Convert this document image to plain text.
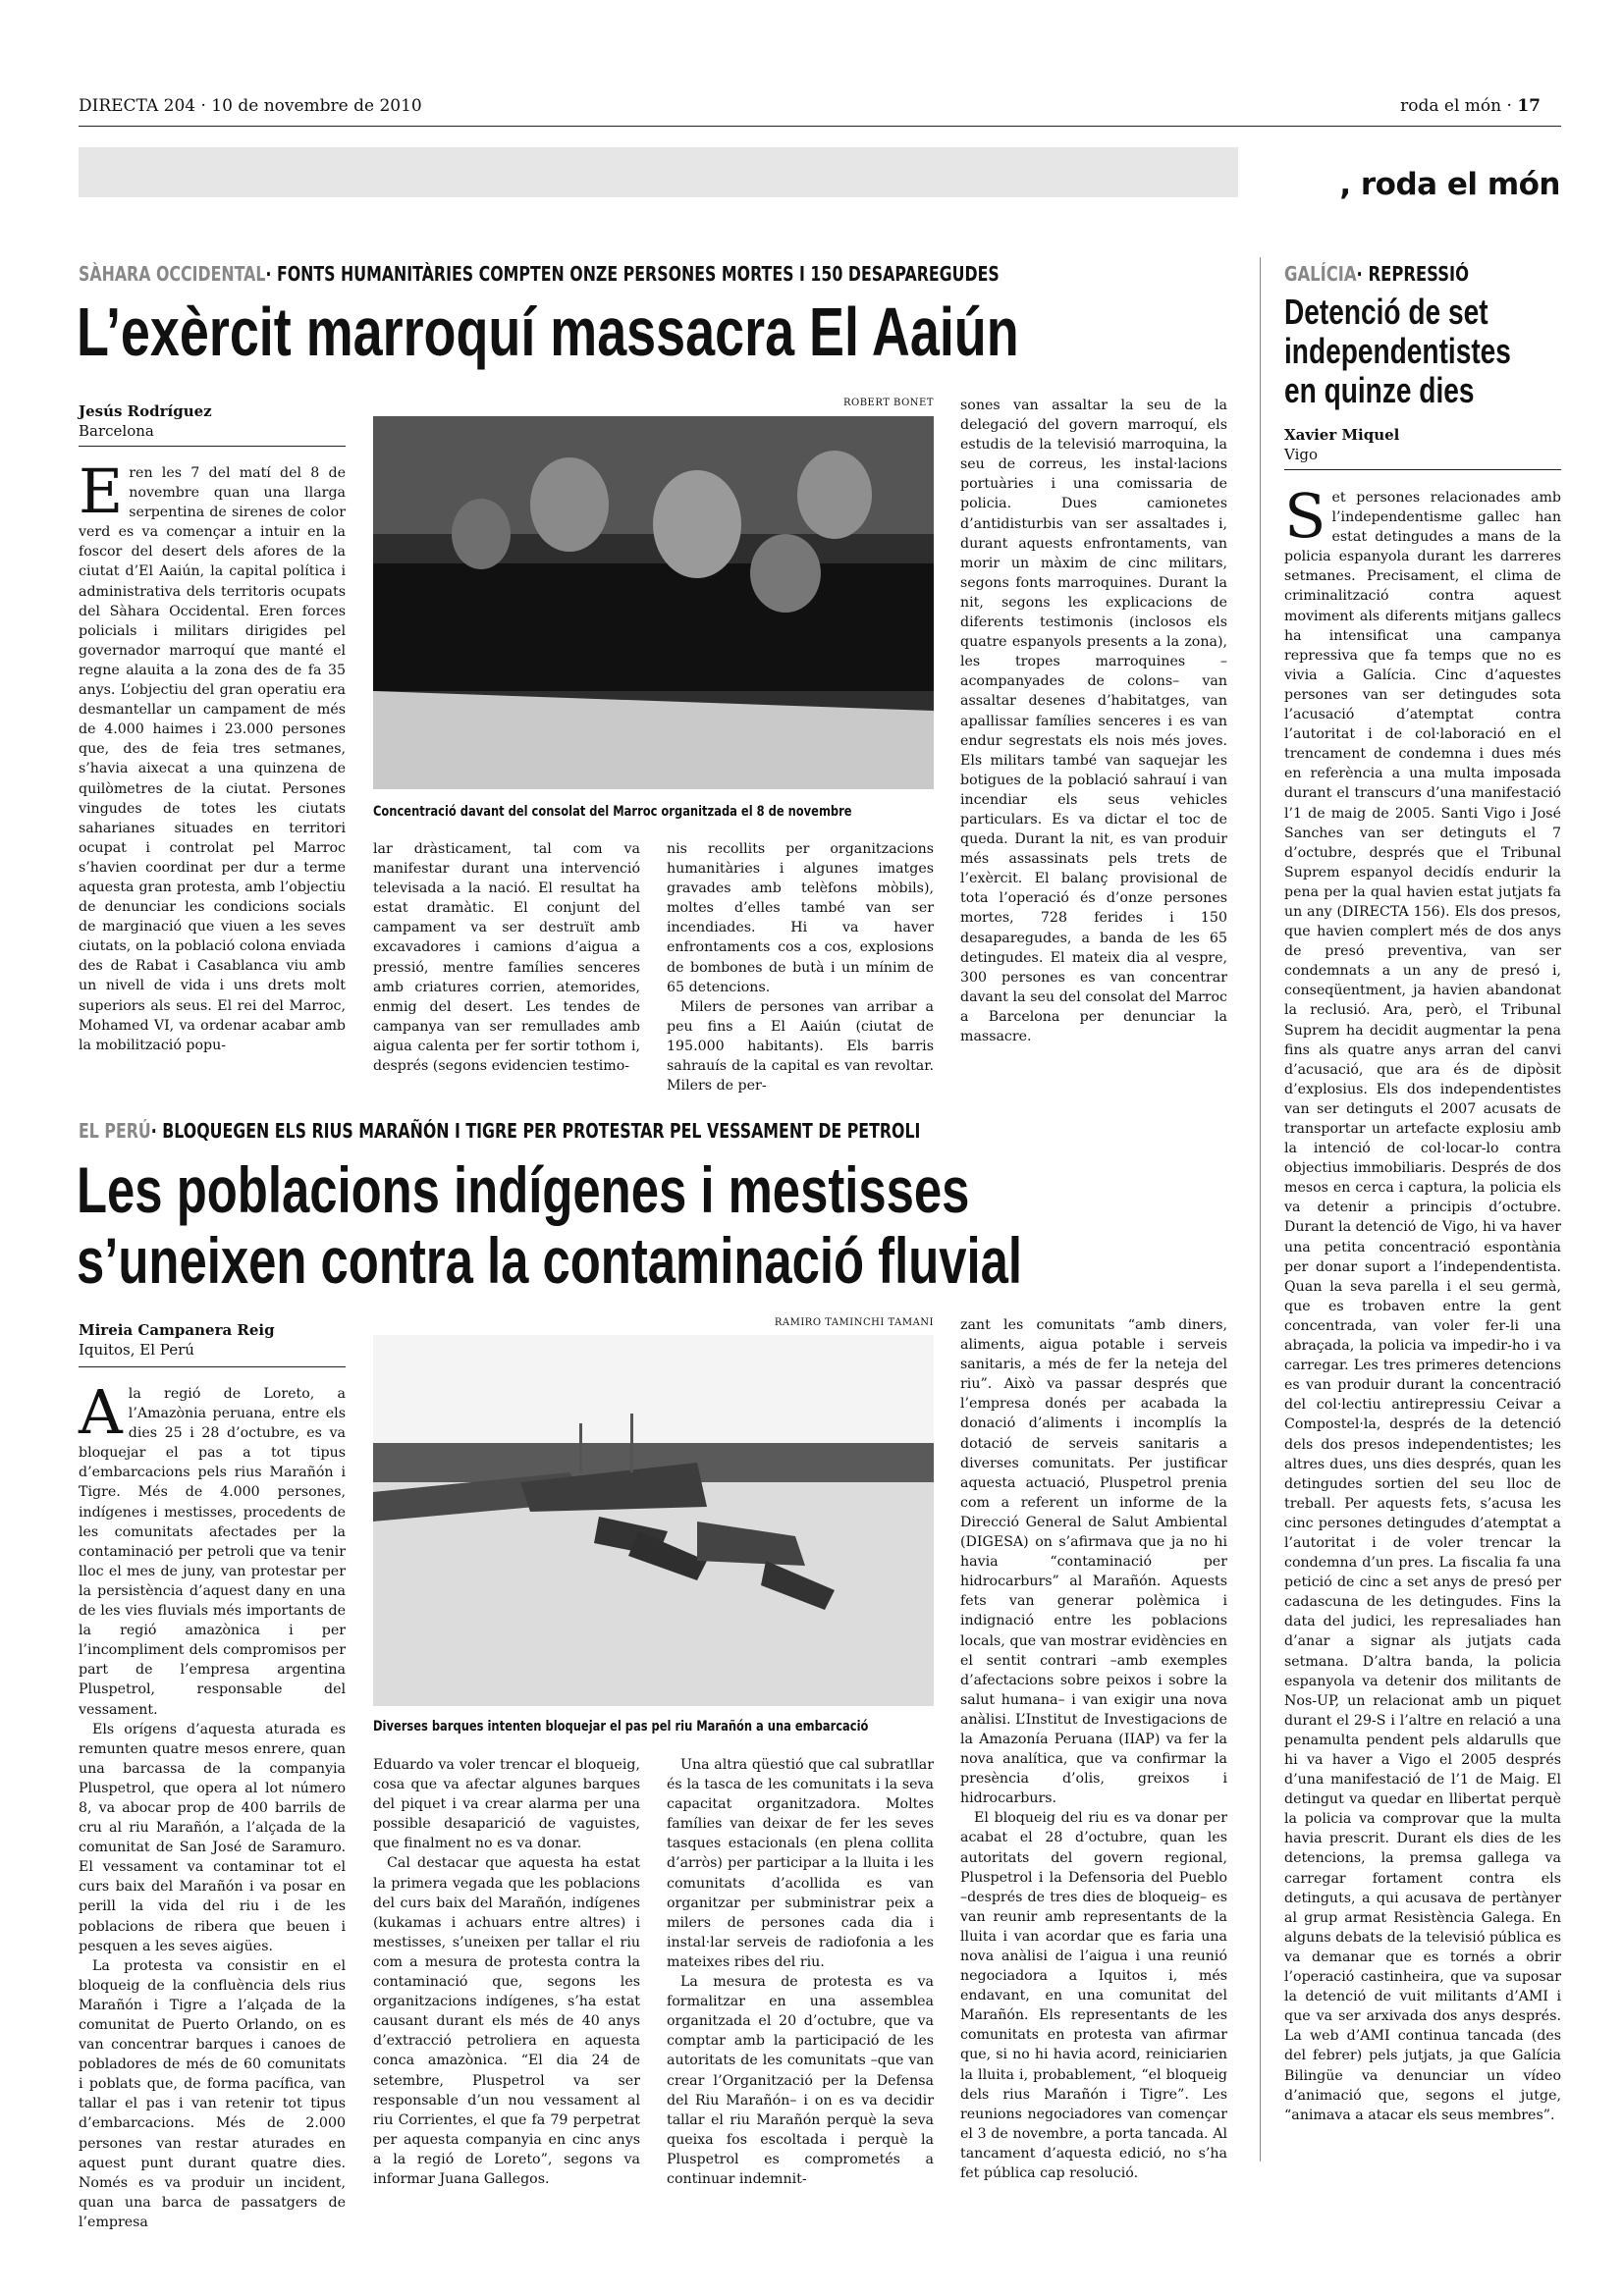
DIRECTA 204 · 10 de novembre de 2010	roda el món · 17
, roda el món
SÀHARA OCCIDENTAL· FONTS HUMANITÀRIES COMPTEN ONZE PERSONES MORTES I 150 DESAPAREGUDES
L’exèrcit marroquí massacra El Aaiún
Jesús Rodríguez
Barcelona
E ren les 7 del matí del 8 de novembre quan una llarga serpentina de sirenes de color verd es va començar a intuir en la foscor del desert dels afores de la ciutat d’El Aaiún, la capital política i administrativa dels territoris ocupats del Sàhara Occidental. Eren forces policials i militars dirigides pel governador marroquí que manté el regne alauita a la zona des de fa 35 anys. L’objectiu del gran operatiu era desmantellar un campament de més de 4.000 haimes i 23.000 persones que, des de feia tres setmanes, s’havia aixecat a una quinzena de quilòmetres de la ciutat. Persones vingudes de totes les ciutats saharianes situades en territori ocupat i controlat pel Marroc s’havien coordinat per dur a terme aquesta gran protesta, amb l’objectiu de denunciar les condicions socials de marginació que viuen a les seves ciutats, on la població colona enviada des de Rabat i Casablanca viu amb un nivell de vida i uns drets molt superiors als seus. El rei del Marroc, Mohamed VI, va ordenar acabar amb la mobilització popu-
ROBERT BONET
Concentració davant del consolat del Marroc organitzada el 8 de novembre

lar dràsticament, tal com va manifestar durant una intervenció televisada a la nació. El resultat ha estat dramàtic. El conjunt del campament va ser destruït amb excavadores i camions d’aigua a pressió, mentre famílies senceres amb criatures corrien, atemorides, enmig del desert. Les tendes de campanya van ser remullades amb aigua calenta per fer sortir tothom i, després (segons evidencien testimo-

nis recollits per organitzacions humanitàries i algunes imatges gravades amb telèfons mòbils), moltes d’elles també van ser incendiades. Hi va haver enfrontaments cos a cos, explosions de bombones de butà i un mínim de 65 detencions.

Milers de persones van arribar a peu fins a El Aaiún (ciutat de 195.000 habitants). Els barris sahrauís de la capital es van revoltar. Milers de per-

sones van assaltar la seu de la delegació del govern marroquí, els estudis de la televisió marroquina, la seu de correus, les instal·lacions portuàries i una comissaria de policia. Dues camionetes d’antidisturbis van ser assaltades i, durant aquests enfrontaments, van morir un màxim de cinc militars, segons fonts marroquines. Durant la nit, segons les explicacions de diferents testimonis (inclosos els quatre espanyols presents a la zona), les tropes marroquines –acompanyades de colons– van assaltar desenes d’habitatges, van apallissar famílies senceres i es van endur segrestats els nois més joves. Els militars també van saquejar les botigues de la població sahrauí i van incendiar els seus vehicles particulars. Es va dictar el toc de queda. Durant la nit, es van produir més assassinats pels trets de l’exèrcit. El balanç provisional de tota l’operació és d’onze persones mortes, 728 ferides i 150 desaparegudes, a banda de les 65 detingudes. El mateix dia al vespre, 300 persones es van concentrar davant la seu del consolat del Marroc a Barcelona per denunciar la massacre.

EL PERÚ· BLOQUEGEN ELS RIUS MARAÑÓN I TIGRE PER PROTESTAR PEL VESSAMENT DE PETROLI
Les poblacions indígenes i mestisses
s’uneixen contra la contaminació fluvial
Mireia Campanera Reig
Iquitos, El Perú
A la regió de Loreto, a l’Amazònia peruana, entre els dies 25 i 28 d’octubre, es va bloquejar el pas a tot tipus d’embarcacions pels rius Marañón i Tigre. Més de 4.000 persones, indígenes i mestisses, procedents de les comunitats afectades per la contaminació per petroli que va tenir lloc el mes de juny, van protestar per la persistència d’aquest dany en una de les vies fluvials més importants de la regió amazònica i per l’incompliment dels compromisos per part de l’empresa argentina Pluspetrol, responsable del vessament.

Els orígens d’aquesta aturada es remunten quatre mesos enrere, quan una barcassa de la companyia Pluspetrol, que opera al lot número 8, va abocar prop de 400 barrils de cru al riu Marañón, a l’alçada de la comunitat de San José de Saramuro. El vessament va contaminar tot el curs baix del Marañón i va posar en perill la vida del riu i de les poblacions de ribera que beuen i pesquen a les seves aigües.

La protesta va consistir en el bloqueig de la confluència dels rius Marañón i Tigre a l’alçada de la comunitat de Puerto Orlando, on es van concentrar barques i canoes de pobladores de més de 60 comunitats i poblats que, de forma pacífica, van tallar el pas i van retenir tot tipus d’embarcacions. Més de 2.000 persones van restar aturades en aquest punt durant quatre dies. Només es va produir un incident, quan una barca de passatgers de l’empresa

RAMIRO TAMINCHI TAMANI
Diverses barques intenten bloquejar el pas pel riu Marañón a una embarcació

Eduardo va voler trencar el bloqueig, cosa que va afectar algunes barques del piquet i va crear alarma per una possible desaparició de vaguistes, que finalment no es va donar.

Cal destacar que aquesta ha estat la primera vegada que les poblacions del curs baix del Marañón, indígenes (kukamas i achuars entre altres) i mestisses, s’uneixen per tallar el riu com a mesura de protesta contra la contaminació que, segons les organitzacions indígenes, s’ha estat causant durant els més de 40 anys d’extracció petroliera en aquesta conca amazònica. “El dia 24 de setembre, Pluspetrol va ser responsable d’un nou vessament al riu Corrientes, el que fa 79 perpetrat per aquesta companyia en cinc anys a la regió de Loreto”, segons va informar Juana Gallegos.

Una altra qüestió que cal subratllar és la tasca de les comunitats i la seva capacitat organitzadora. Moltes famílies van deixar de fer les seves tasques estacionals (en plena collita d’arròs) per participar a la lluita i les comunitats d’acollida es van organitzar per subministrar peix a milers de persones cada dia i instal·lar serveis de radiofonia a les mateixes ribes del riu.

La mesura de protesta es va formalitzar en una assemblea organitzada el 20 d’octubre, que va comptar amb la participació de les autoritats de les comunitats –que van crear l’Organització per la Defensa del Riu Marañón– i on es va decidir tallar el riu Marañón perquè la seva queixa fos escoltada i perquè la Pluspetrol es comprometés a continuar indemnit-

zant les comunitats “amb diners, aliments, aigua potable i serveis sanitaris, a més de fer la neteja del riu”. Això va passar després que l’empresa donés per acabada la donació d’aliments i incomplís la dotació de serveis sanitaris a diverses comunitats. Per justificar aquesta actuació, Pluspetrol prenia com a referent un informe de la Direcció General de Salut Ambiental (DIGESA) on s’afirmava que ja no hi havia “contaminació per hidrocarburs” al Marañón. Aquests fets van generar polèmica i indignació entre les poblacions locals, que van mostrar evidències en el sentit contrari –amb exemples d’afectacions sobre peixos i sobre la salut humana– i van exigir una nova anàlisi. L’Institut de Investigacions de la Amazonía Peruana (IIAP) va fer la nova analítica, que va confirmar la presència d’olis, greixos i hidrocarburs.

El bloqueig del riu es va donar per acabat el 28 d’octubre, quan les autoritats del govern regional, Pluspetrol i la Defensoria del Pueblo –després de tres dies de bloqueig– es van reunir amb representants de la lluita i van acordar que es faria una nova anàlisi de l’aigua i una reunió negociadora a Iquitos i, més endavant, en una comunitat del Marañón. Els representants de les comunitats en protesta van afirmar que, si no hi havia acord, reiniciarien la lluita i, probablement, “el bloqueig dels rius Marañón i Tigre”. Les reunions negociadores van començar el 3 de novembre, a porta tancada. Al tancament d’aquesta edició, no s’ha fet pública cap resolució.

GALÍCIA· REPRESSIÓ
Detenció de set
independentistes
en quinze dies
Xavier Miquel
Vigo
S et persones relacionades amb l’independentisme gallec han estat detingudes a mans de la policia espanyola durant les darreres setmanes. Precisament, el clima de criminalització contra aquest moviment als diferents mitjans gallecs ha intensificat una campanya repressiva que fa temps que no es vivia a Galícia. Cinc d’aquestes persones van ser detingudes sota l’acusació d’atemptat contra l’autoritat i de col·laboració en el trencament de condemna i dues més en referència a una multa imposada durant el transcurs d’una manifestació l’1 de maig de 2005. Santi Vigo i José Sanches van ser detinguts el 7 d’octubre, després que el Tribunal Suprem espanyol decidís endurir la pena per la qual havien estat jutjats fa un any (DIRECTA 156). Els dos presos, que havien complert més de dos anys de presó preventiva, van ser condemnats a un any de presó i, conseqüentment, ja havien abandonat la reclusió. Ara, però, el Tribunal Suprem ha decidit augmentar la pena fins als quatre anys arran del canvi d’acusació, que ara és de dipòsit d’explosius. Els dos independentistes van ser detinguts el 2007 acusats de transportar un artefacte explosiu amb la intenció de col·locar-lo contra objectius immobiliaris. Després de dos mesos en cerca i captura, la policia els va detenir a principis d’octubre. Durant la detenció de Vigo, hi va haver una petita concentració espontània per donar suport a l’independentista. Quan la seva parella i el seu germà, que es trobaven entre la gent concentrada, van voler fer-li una abraçada, la policia va impedir-ho i va carregar. Les tres primeres detencions es van produir durant la concentració del col·lectiu antirepressiu Ceivar a Compostel·la, després de la detenció dels dos presos independentistes; les altres dues, uns dies després, quan les detingudes sortien del seu lloc de treball. Per aquests fets, s’acusa les cinc persones detingudes d’atemptat a l’autoritat i de voler trencar la condemna d’un pres. La fiscalia fa una petició de cinc a set anys de presó per cadascuna de les detingudes. Fins la data del judici, les represaliades han d’anar a signar als jutjats cada setmana. D’altra banda, la policia espanyola va detenir dos militants de Nos-UP, un relacionat amb un piquet durant el 29-S i l’altre en relació a una penamulta pendent pels aldarulls que hi va haver a Vigo el 2005 després d’una manifestació de l’1 de Maig. El detingut va quedar en llibertat perquè la policia va comprovar que la multa havia prescrit. Durant els dies de les detencions, la premsa gallega va carregar fortament contra els detinguts, a qui acusava de pertànyer al grup armat Resistència Galega. En alguns debats de la televisió pública es va demanar que es tornés a obrir l’operació castinheira, que va suposar la detenció de vuit militants d’AMI i que va ser arxivada dos anys després. La web d’AMI continua tancada (des del febrer) pels jutjats, ja que Galícia Bilingüe va denunciar un vídeo d’animació que, segons el jutge, “animava a atacar els seus membres”.
